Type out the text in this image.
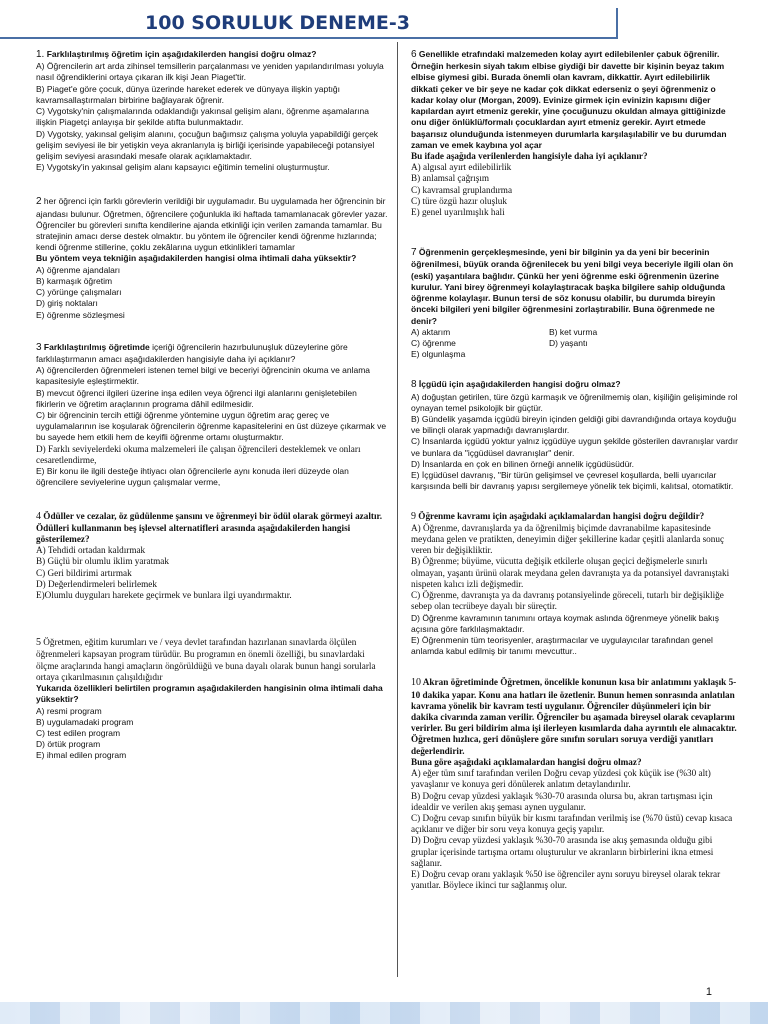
100 SORULUK DENEME-3

1. Farklılaştırılmış öğretim için aşağıdakilerden hangisi doğru olmaz?

A) Öğrencilerin art arda zihinsel temsillerin parçalanması ve yeniden yapılandırılması yoluyla nasıl öğrendiklerini ortaya çıkaran ilk kişi Jean Piaget'tir.

B) Piaget'e göre çocuk, dünya üzerinde hareket ederek ve dünyaya ilişkin yaptığı kavramsallaştırmaları birbirine bağlayarak öğrenir.

C) Vygotsky'nin çalışmalarında odaklandığı yakınsal gelişim alanı, öğrenme aşamalarına ilişkin Piagetçi anlayışa bir şekilde atıfta bulunmaktadır.

D) Vygotsky, yakınsal gelişim alanını, çocuğun bağımsız çalışma yoluyla yapabildiği gerçek gelişim seviyesi ile bir yetişkin veya akranlarıyla iş birliği içerisinde yapabileceği potansiyel gelişim seviyesi arasındaki mesafe olarak açıklamaktadır.

E) Vygotsky'in yakınsal gelişim alanı kapsayıcı eğitimin temelini oluşturmuştur.

2 her öğrenci için farklı görevlerin verildiği bir uygulamadır. Bu uygulamada her öğrencinin bir ajandası bulunur. Öğretmen, öğrencilere çoğunlukla iki haftada tamamlanacak görevler yazar. Öğrenciler bu görevleri sınıfta kendilerine ajanda etkinliği için verilen zamanda tamamlar. Bu stratejinin amacı derse destek olmaktır. bu yöntem ile öğrenciler kendi öğrenme hızlarında; kendi öğrenme stillerine, çoklu zekâlarına uygun etkinlikleri tamamlar

Bu yöntem veya tekniğin aşağıdakilerden hangisi olma ihtimali daha yüksektir?

A) öğrenme ajandaları

B) karmaşık öğretim

C) yörünge çalışmaları

D) giriş noktaları

E) öğrenme sözleşmesi

3 Farklılaştırılmış öğretimde içeriği öğrencilerin hazırbulunuşluk düzeylerine göre farklılaştırmanın amacı aşağıdakilerden hangisiyle daha iyi açıklanır?

A) öğrencilerden öğrenmeleri istenen temel bilgi ve beceriyi öğrencinin okuma ve anlama kapasitesiyle eşleştirmektir.

B) mevcut öğrenci ilgileri üzerine inşa edilen veya öğrenci ilgi alanlarını genişletebilen fikirlerin ve öğretim araçlarının programa dâhil edilmesidir.

C) bir öğrencinin tercih ettiği öğrenme yöntemine uygun öğretim araç gereç ve uygulamalarının ise koşularak öğrencilerin öğrenme kapasitelerini en üst düzeye çıkarmak ve bu sayede hem etkili hem de keyifli öğrenme ortamı oluşturmaktır.

D) Farklı seviyelerdeki okuma malzemeleri ile çalışan öğrencileri desteklemek ve onları cesaretlendirme,

E) Bir konu ile ilgili desteğe ihtiyacı olan öğrencilerle aynı konuda ileri düzeyde olan öğrencilere seviyelerine uygun çalışmalar verme,

4 Ödüller ve cezalar, öz güdülenme şansını ve öğrenmeyi bir ödül olarak görmeyi azaltır. Ödülleri kullanmanın beş işlevsel alternatifleri arasında aşağıdakilerden hangisi gösterilemez?

A) Tehdidi ortadan kaldırmak

B) Güçlü bir olumlu iklim yaratmak

C) Geri bildirimi artırmak

D) Değerlendirmeleri belirlemek

E)Olumlu duyguları harekete geçirmek ve bunlara ilgi uyandırmaktır.

5 Öğretmen, eğitim kurumları ve / veya devlet tarafından hazırlanan sınavlarda ölçülen öğrenmeleri kapsayan program türüdür. Bu programın en önemli özelliği, bu sınavlardaki ölçme araçlarında hangi amaçların öngörüldüğü ve buna dayalı olarak bunun hangi sorularla ortaya çıkarılmasının çalışıldığıdır

Yukarıda özellikleri belirtilen programın aşağıdakilerden hangisinin olma ihtimali daha yüksektir?

A) resmi program

B) uygulamadaki program

C) test edilen program

D) örtük program

E) ihmal edilen program

6 Genellikle etrafındaki malzemeden kolay ayırt edilebilenler çabuk öğrenilir. Örneğin herkesin siyah takım elbise giydiği bir davette bir kişinin beyaz takım elbise giymesi gibi. Burada önemli olan kavram, dikkattir. Ayırt edilebilirlik dikkati çeker ve bir şeye ne kadar çok dikkat ederseniz o şeyi öğrenmeniz o kadar kolay olur (Morgan, 2009). Evinize girmek için evinizin kapısını diğer kapılardan ayırt etmeniz gerekir, yine çocuğunuzu okuldan almaya gittiğinizde onu diğer önlüklü/formalı çocuklardan ayırt etmeniz gerekir. Ayırt etmede başarısız olunduğunda istenmeyen durumlarla karşılaşılabilir ve bu durumdan zaman ve emek kaybına yol açar

Bu ifade aşağıda verilenlerden hangisiyle daha iyi açıklanır?

A) algısal ayırt edilebilirlik

B) anlamsal çağrışım

C) kavramsal gruplandırma

C) türe özgü hazır oluşluk

E) genel uyarılmışlık hali

7 Öğrenmenin gerçekleşmesinde, yeni bir bilginin ya da yeni bir becerinin öğrenilmesi, büyük oranda öğrenilecek bu yeni bilgi veya beceriyle ilgili olan ön (eski) yaşantılara bağlıdır. Çünkü her yeni öğrenme eski öğrenmenin üzerine kurulur. Yani birey öğrenmeyi kolaylaştıracak başka bilgilere sahip olduğunda öğrenme kolaylaşır. Bunun tersi de söz konusu olabilir, bu durumda bireyin önceki bilgileri yeni bilgiler öğrenmesini zorlaştırabilir. Buna öğrenmede ne denir?

A) aktarım	B) ket vurma

C) öğrenme	D) yaşantı

E) olgunlaşma

8 İçgüdü için aşağıdakilerden hangisi doğru olmaz?

A) doğuştan getirilen, türe özgü karmaşık ve öğrenilmemiş olan, kişiliğin gelişiminde rol oynayan temel psikolojik bir güçtür.

B) Gündelik yaşamda içgüdü bireyin içinden geldiği gibi davrandığında ortaya koyduğu ve bilinçli olarak yapmadığı davranışlardır.

C) İnsanlarda içgüdü yoktur yalnız içgüdüye uygun şekilde gösterilen davranışlar vardır ve bunlara da "içgüdüsel davranışlar" denir.

D) İnsanlarda en çok en bilinen örneği annelik içgüdüsüdür.

E) İçgüdüsel davranış, "Bir türün gelişimsel ve çevresel koşullarda, belli uyarıcılar karşısında belli bir davranış yapısı sergilemeye yönelik tek biçimli, kalıtsal, otomatiktir.

9 Öğrenme kavramı için aşağıdaki açıklamalardan hangisi doğru değildir?

A) Öğrenme, davranışlarda ya da öğrenilmiş biçimde davranabilme kapasitesinde meydana gelen ve pratikten, deneyimin diğer şekillerine kadar çeşitli alanlarda sonuç veren bir değişikliktir.

B) Öğrenme; büyüme, vücutta değişik etkilerle oluşan geçici değişmelerle sınırlı olmayan, yaşantı ürünü olarak meydana gelen davranışta ya da potansiyel davranıştaki nispeten kalıcı izli değişmedir.

C) Öğrenme, davranışta ya da davranış potansiyelinde göreceli, tutarlı bir değişikliğe sebep olan tecrübeye dayalı bir süreçtir.

D) Öğrenme kavramının tanımını ortaya koymak aslında öğrenmeye yönelik bakış açısına göre farklılaşmaktadır.

E) Öğrenmenin tüm teorisyenler, araştırmacılar ve uygulayıcılar tarafından genel anlamda kabul edilmiş bir tanımı mevcuttur..

10 Akran öğretiminde Öğretmen, öncelikle konunun kısa bir anlatımını yaklaşık 5-10 dakika yapar. Konu ana hatları ile özetlenir. Bunun hemen sonrasında anlatılan kavrama yönelik bir kavram testi uygulanır. Öğrenciler düşünmeleri için bir dakika civarında zaman verilir. Öğrenciler bu aşamada bireysel olarak cevaplarını verirler. Bu geri bildirim alma işi ilerleyen kısımlarda daha ayrıntılı ele alınacaktır. Öğretmen hızlıca, geri dönüşlere göre sınıfın soruları soruya verdiği yanıtları değerlendirir.

Buna göre aşağıdaki açıklamalardan hangisi doğru olmaz?

A) eğer tüm sınıf tarafından verilen Doğru cevap yüzdesi çok küçük ise (%30 alt) yavaşlanır ve konuya geri dönülerek anlatım detaylandırılır.

B) Doğru cevap yüzdesi yaklaşık %30-70 arasında olursa bu, akran tartışması için idealdir ve verilen akış şeması aynen uygulanır.

C) Doğru cevap sınıfın büyük bir kısmı tarafından verilmiş ise (%70 üstü) cevap kısaca açıklanır ve diğer bir soru veya konuya geçiş yapılır.

D) Doğru cevap yüzdesi yaklaşık %30-70 arasında ise akış şemasında olduğu gibi gruplar içerisinde tartışma ortamı oluşturulur ve akranların birbirlerini ikna etmesi sağlanır.

E) Doğru cevap oranı yaklaşık %50 ise öğrenciler aynı soruyu bireysel olarak tekrar yanıtlar. Böylece ikinci tur sağlanmış olur.

1
